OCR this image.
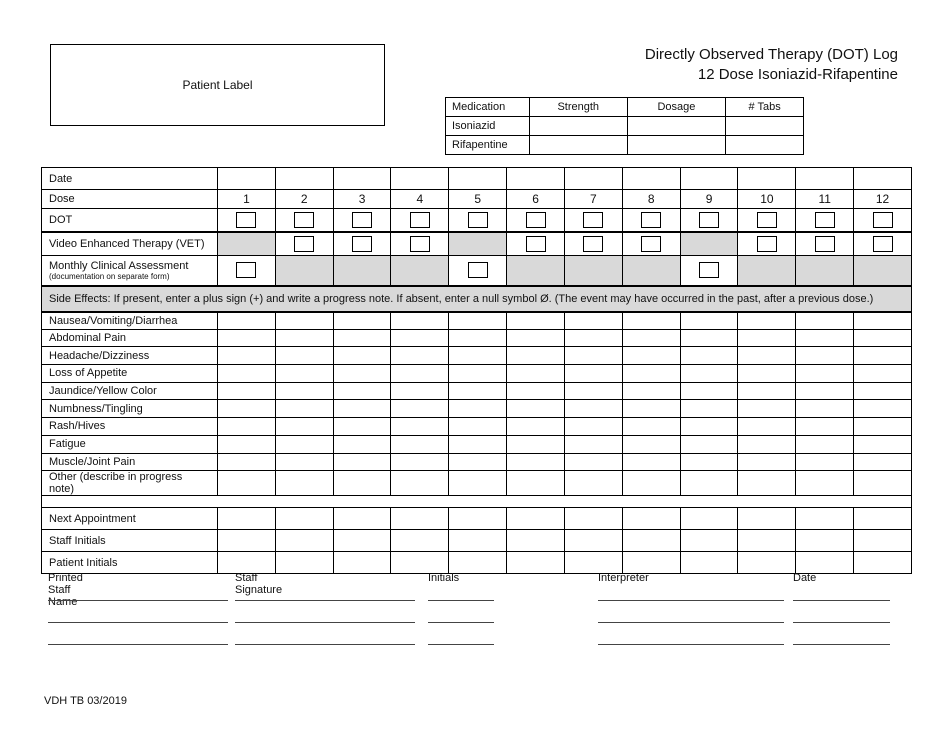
Patient Label
Directly Observed Therapy (DOT) Log
12 Dose Isoniazid-Rifapentine
Medication	Strength	Dosage	# Tabs
Isoniazid			
Rifapentine			
Date												
Dose	1	2	3	4	5	6	7	8	9	10	11	12
DOT												
Video Enhanced Therapy (VET)												

Monthly Clinical Assessment
(documentation on separate form)												

Side Effects: If present, enter a plus sign (+) and write a progress note. If absent, enter a null symbol Ø. (The event may have occurred in the past, after a previous dose.)												
Nausea/Vomiting/Diarrhea												
Abdominal Pain												
Headache/Dizziness												
Loss of Appetite												
Jaundice/Yellow Color												
Numbness/Tingling												
Rash/Hives												
Fatigue												
Muscle/Joint Pain												
Other (describe in progress note)												

Next Appointment												
Staff Initials												
Patient Initials												
Printed Staff Name
Staff Signature
Initials	Interpreter	Date
VDH TB 03/2019
